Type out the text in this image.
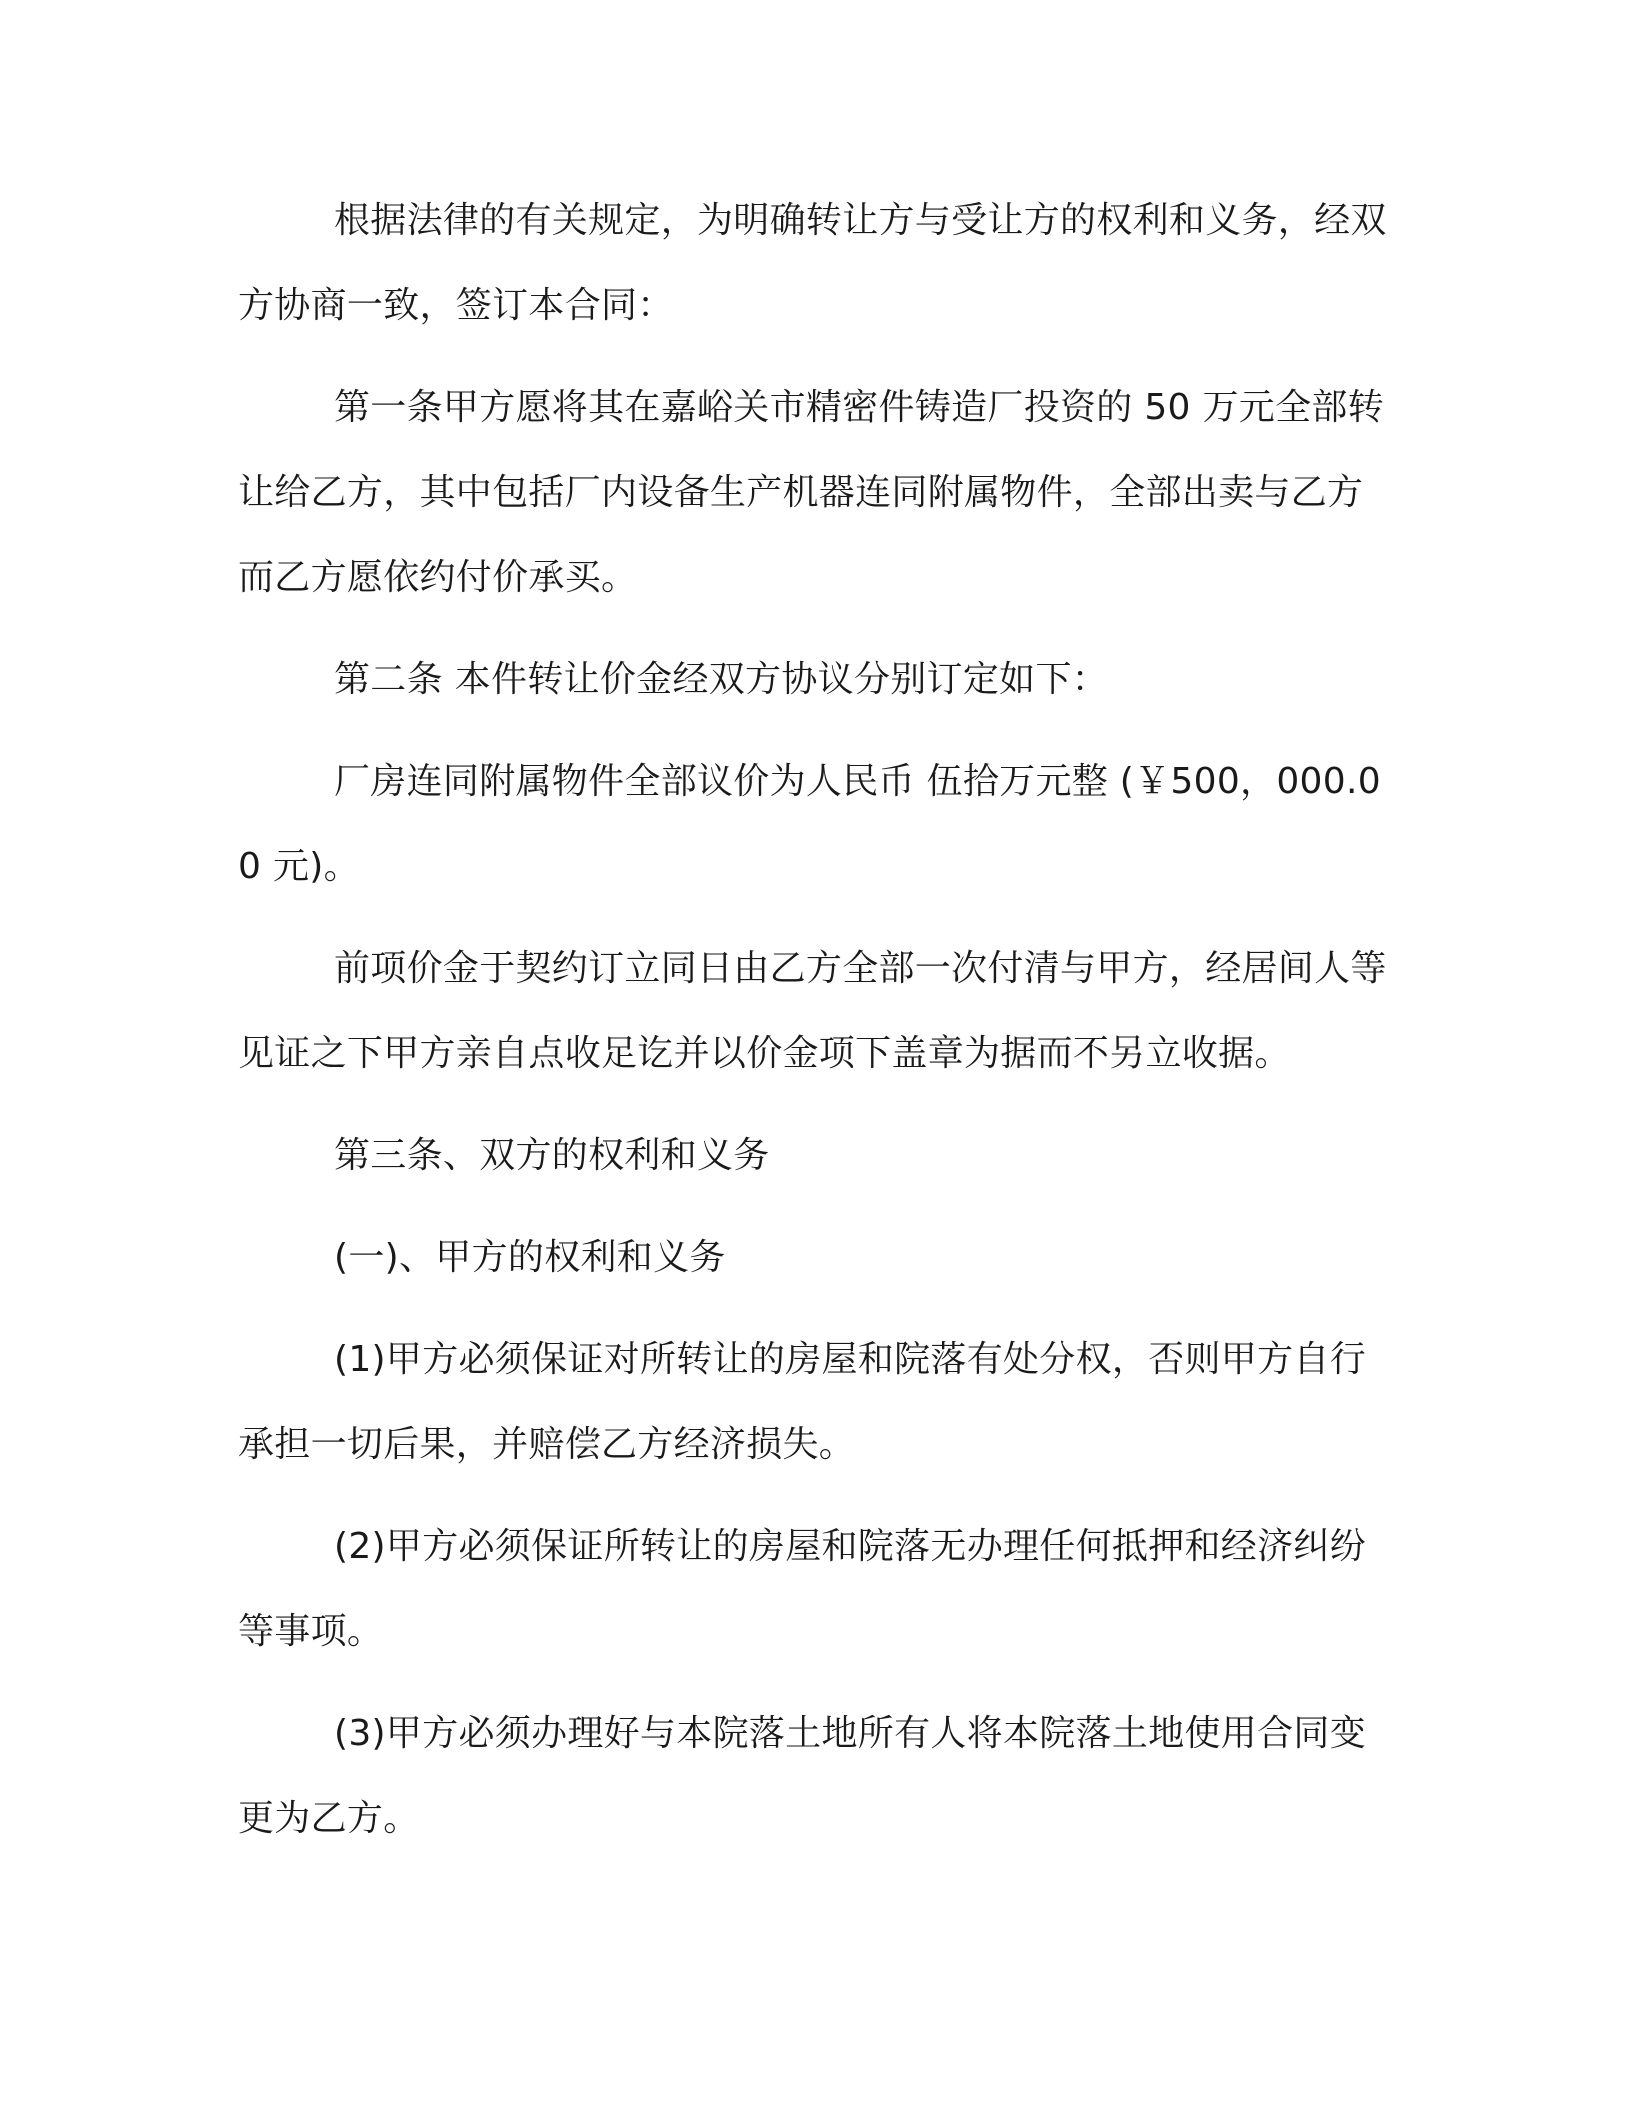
根据法律的有关规定，为明确转让方与受让方的权利和义务，经双方协商一致，签订本合同：

第一条甲方愿将其在嘉峪关市精密件铸造厂投资的 50 万元全部转让给乙方，其中包括厂内设备生产机器连同附属物件，全部出卖与乙方而乙方愿依约付价承买。

第二条 本件转让价金经双方协议分别订定如下：

厂房连同附属物件全部议价为人民币 伍拾万元整 (￥500，000.00 元)。

前项价金于契约订立同日由乙方全部一次付清与甲方，经居间人等见证之下甲方亲自点收足讫并以价金项下盖章为据而不另立收据。

第三条、双方的权利和义务

(一)、甲方的权利和义务

(1)甲方必须保证对所转让的房屋和院落有处分权，否则甲方自行承担一切后果，并赔偿乙方经济损失。

(2)甲方必须保证所转让的房屋和院落无办理任何抵押和经济纠纷等事项。

(3)甲方必须办理好与本院落土地所有人将本院落土地使用合同变更为乙方。
